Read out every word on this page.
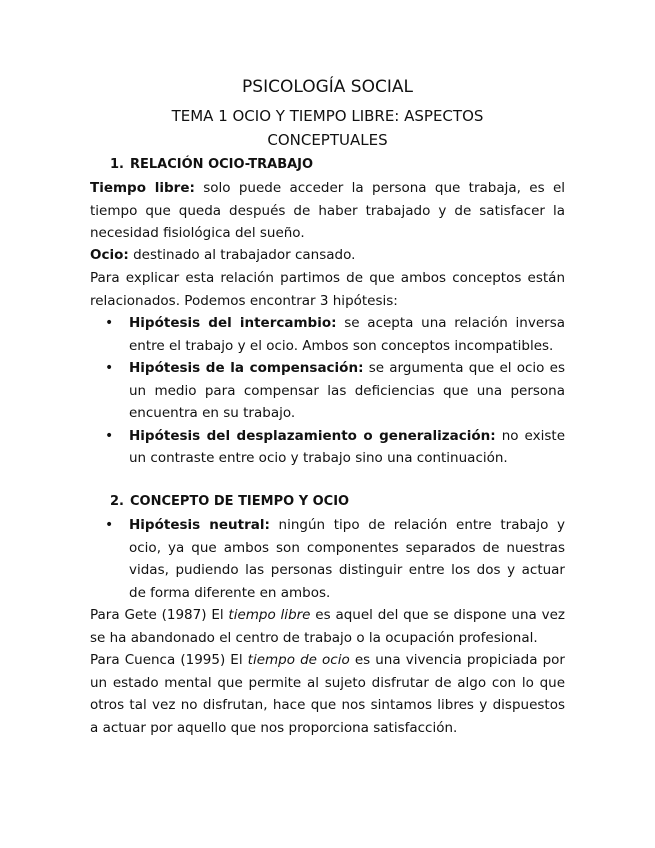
PSICOLOGÍA SOCIAL
TEMA 1 OCIO Y TIEMPO LIBRE: ASPECTOS CONCEPTUALES
1. RELACIÓN OCIO-TRABAJO

Tiempo libre: solo puede acceder la persona que trabaja, es el tiempo que queda después de haber trabajado y de satisfacer la necesidad fisiológica del sueño.

Ocio: destinado al trabajador cansado.

Para explicar esta relación partimos de que ambos conceptos están relacionados. Podemos encontrar 3 hipótesis:

•	Hipótesis del intercambio: se acepta una relación inversa entre el trabajo y el ocio. Ambos son conceptos incompatibles.
•	Hipótesis de la compensación: se argumenta que el ocio es un medio para compensar las deficiencias que una persona encuentra en su trabajo.
•	Hipótesis del desplazamiento o generalización: no existe un contraste entre ocio y trabajo sino una continuación.
2. CONCEPTO DE TIEMPO Y OCIO
•	Hipótesis neutral: ningún tipo de relación entre trabajo y ocio, ya que ambos son componentes separados de nuestras vidas, pudiendo las personas distinguir entre los dos y actuar de forma diferente en ambos.

Para Gete (1987) El tiempo libre es aquel del que se dispone una vez se ha abandonado el centro de trabajo o la ocupación profesional.

Para Cuenca (1995) El tiempo de ocio es una vivencia propiciada por un estado mental que permite al sujeto disfrutar de algo con lo que otros tal vez no disfrutan, hace que nos sintamos libres y dispuestos a actuar por aquello que nos proporciona satisfacción.
